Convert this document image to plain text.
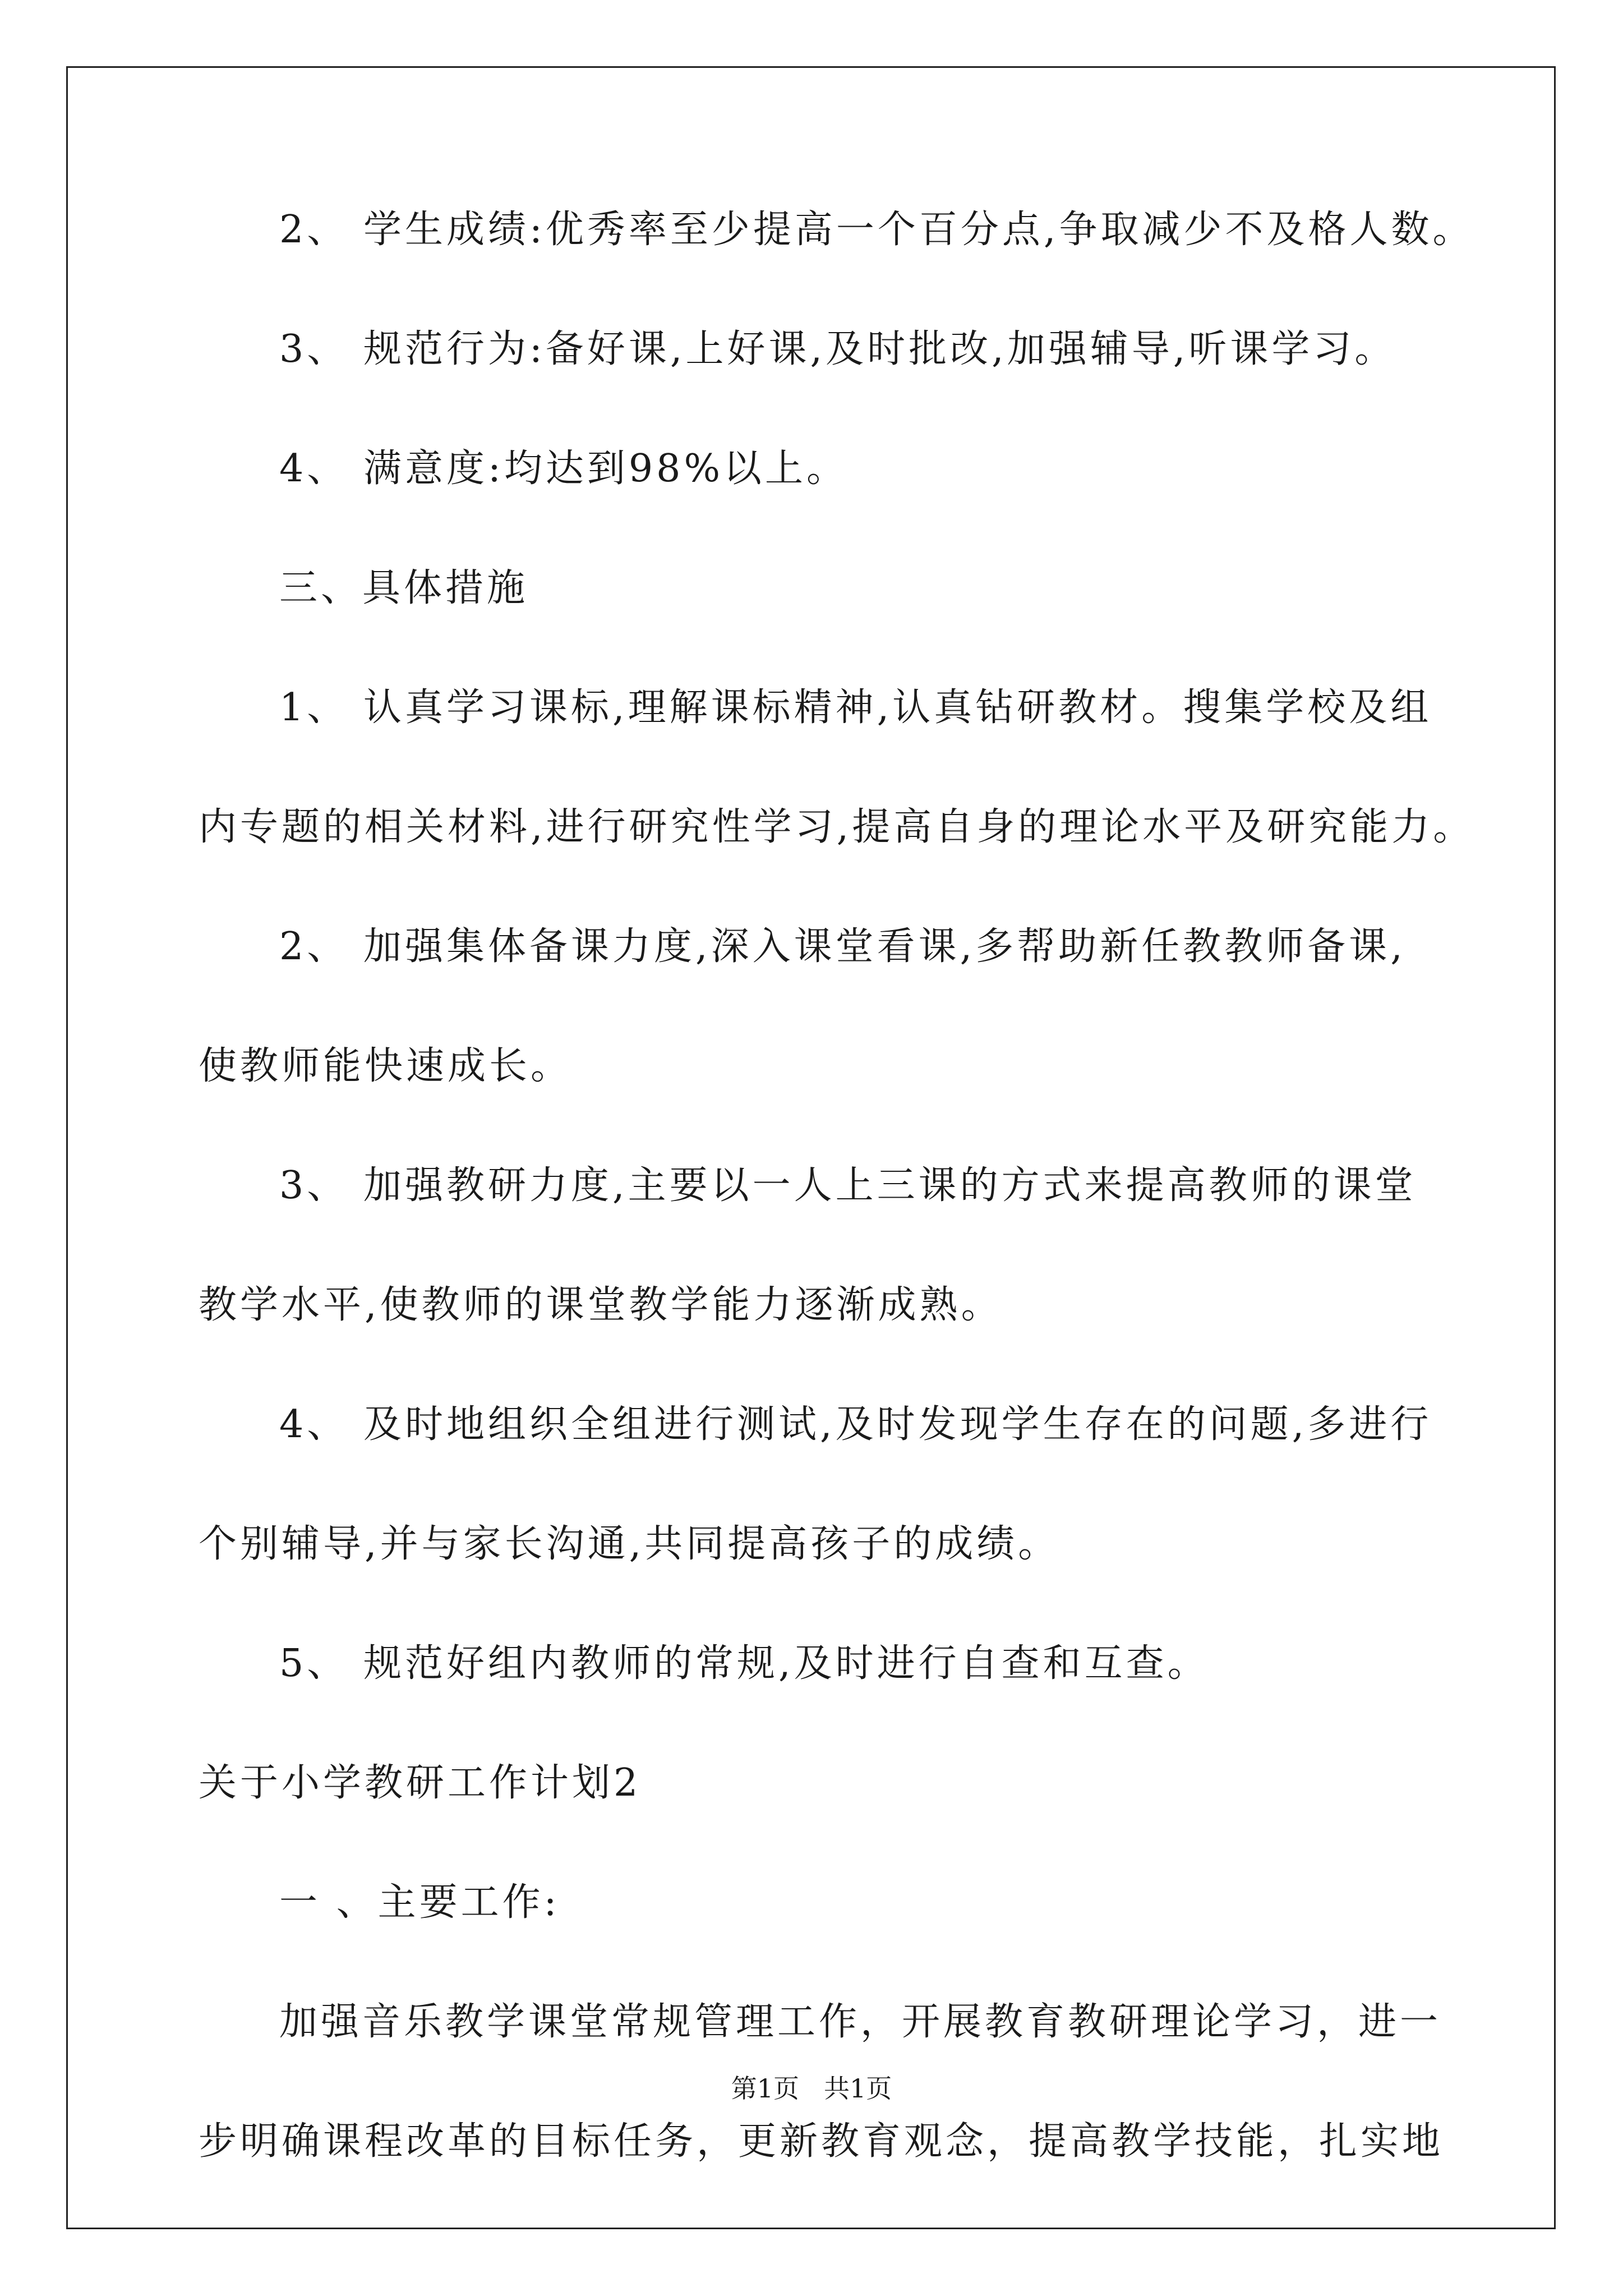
2、 学生成绩:优秀率至少提高一个百分点,争取减少不及格人数。
3、 规范行为:备好课,上好课,及时批改,加强辅导,听课学习。
4、 满意度:均达到98%以上。
三、具体措施
1、 认真学习课标,理解课标精神,认真钻研教材。搜集学校及组
内专题的相关材料,进行研究性学习,提高自身的理论水平及研究能力。
2、 加强集体备课力度,深入课堂看课,多帮助新任教教师备课,
使教师能快速成长。
3、 加强教研力度,主要以一人上三课的方式来提高教师的课堂
教学水平,使教师的课堂教学能力逐渐成熟。
4、 及时地组织全组进行测试,及时发现学生存在的问题,多进行
个别辅导,并与家长沟通,共同提高孩子的成绩。
5、 规范好组内教师的常规,及时进行自查和互查。
关于小学教研工作计划2
一 、主要工作:
加强音乐教学课堂常规管理工作，开展教育教研理论学习，进一
步明确课程改革的目标任务，更新教育观念，提高教学技能，扎实地
第1页 共1页
